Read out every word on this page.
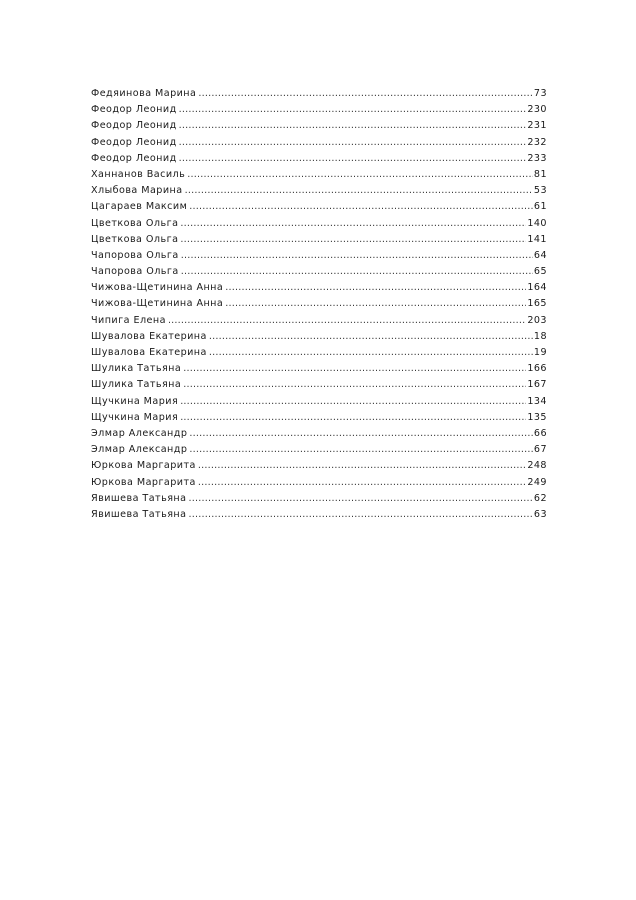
Федяинова Марина .....	73
Феодор Леонид .....	230
Феодор Леонид .....	231
Феодор Леонид .....	232
Феодор Леонид .....	233
Ханнанов Василь .....	81
Хлыбова Марина .....	53
Цагараев Максим .....	61
Цветкова Ольга .....	140
Цветкова Ольга .....	141
Чапорова Ольга .....	64
Чапорова Ольга .....	65
Чижова-Щетинина Анна .....	164
Чижова-Щетинина Анна .....	165
Чипига Елена .....	203
Шувалова Екатерина .....	18
Шувалова Екатерина .....	19
Шулика Татьяна .....	166
Шулика Татьяна .....	167
Щучкина Мария .....	134
Щучкина Мария .....	135
Элмар Александр .....	66
Элмар Александр .....	67
Юркова Маргарита .....	248
Юркова Маргарита .....	249
Явишева Татьяна .....	62
Явишева Татьяна .....	63
